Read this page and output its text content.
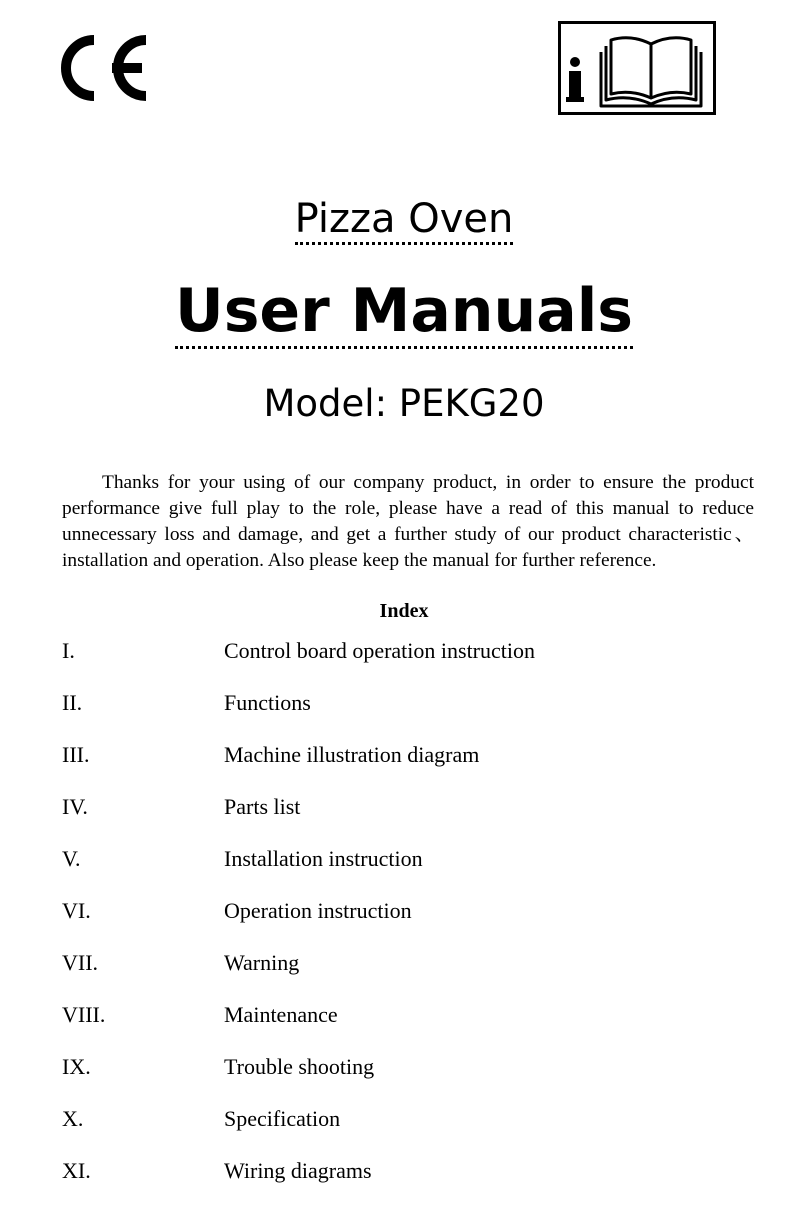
Pizza Oven
User Manuals
Model: PEKG20

Thanks for your using of our company product, in order to ensure the product performance give full play to the role, please have a read of this manual to reduce unnecessary loss and damage, and get a further study of our product characteristic、installation and operation. Also please keep the manual for further reference.

Index
I.	Control board operation instruction
II.	Functions
III.	Machine illustration diagram
IV.	Parts list
V.	Installation instruction
VI.	Operation instruction
VII.	Warning
VIII.	Maintenance
IX.	Trouble shooting
X.	Specification
XI.	Wiring diagrams
